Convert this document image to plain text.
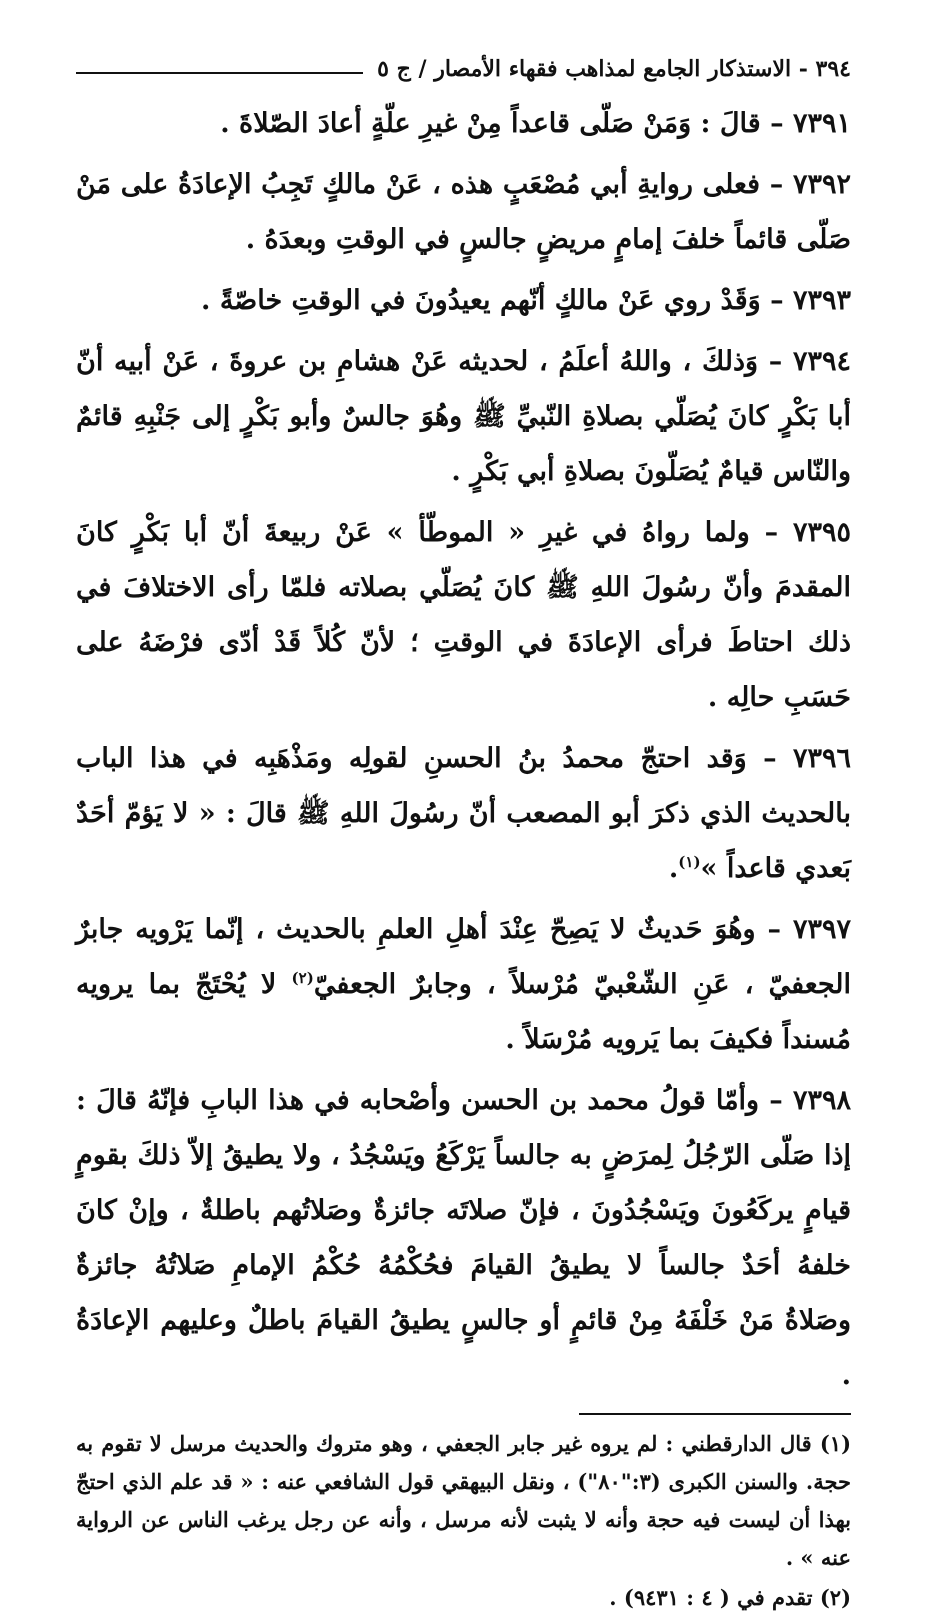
٣٩٤ - الاستذكار الجامع لمذاهب فقهاء الأمصار / ج ٥

٧٣٩١ – قالَ : وَمَنْ صَلّى قاعداً مِنْ غيرِ علّةٍ أعادَ الصّلاةَ .

٧٣٩٢ – فعلى روايةِ أبي مُصْعَبٍ هذه ، عَنْ مالكٍ تَجِبُ الإعادَةُ على مَنْ صَلّى قائماً خلفَ إمامٍ مريضٍ جالسٍ في الوقتِ وبعدَهُ .

٧٣٩٣ – وَقَدْ روي عَنْ مالكٍ أنّهم يعيدُونَ في الوقتِ خاصّةً .

٧٣٩٤ – وَذلكَ ، واللهُ أعلَمُ ، لحديثه عَنْ هشامِ بن عروةَ ، عَنْ أبيه أنّ أبا بَكْرٍ كانَ يُصَلّي بصلاةِ النّبيِّ ﷺ وهُوَ جالسٌ وأبو بَكْرٍ إلى جَنْبِهِ قائمٌ والنّاس قيامٌ يُصَلّونَ بصلاةِ أبي بَكْرٍ .

٧٣٩٥ – ولما رواهُ في غيرِ « الموطّأ » عَنْ ربيعةَ أنّ أبا بَكْرٍ كانَ المقدمَ وأنّ رسُولَ اللهِ ﷺ كانَ يُصَلّي بصلاته فلمّا رأى الاختلافَ في ذلك احتاطَ فرأى الإعادَةَ في الوقتِ ؛ لأنّ كُلاً قَدْ أدّى فرْضَهُ على حَسَبِ حالِه .

٧٣٩٦ – وَقد احتجّ محمدُ بنُ الحسنِ لقولِه ومَذْهَبِه في هذا الباب بالحديث الذي ذكرَ أبو المصعب أنّ رسُولَ اللهِ ﷺ قالَ : « لا يَؤمّ أحَدٌ بَعدي قاعداً »$^{(١)}$.

٧٣٩٧ – وهُوَ حَديثٌ لا يَصِحّ عِنْدَ أهلِ العلمِ بالحديث ، إنّما يَرْويه جابرٌ الجعفيّ ، عَنِ الشّعْبيّ مُرْسلاً ، وجابرٌ الجعفيّ$^{(٢)}$ لا يُحْتَجّ بما يرويه مُسنداً فكيفَ بما يَرويه مُرْسَلاً .

٧٣٩٨ – وأمّا قولُ محمد بن الحسن وأصْحابه في هذا البابِ فإنّهُ قالَ : إذا صَلّى الرّجُلُ لِمرَضٍ به جالساً يَرْكَعُ ويَسْجُدُ ، ولا يطيقُ إلاّ ذلكَ بقومٍ قيامٍ يركَعُونَ ويَسْجُدُونَ ، فإنّ صلاتَه جائزةٌ وصَلاتُهم باطلةٌ ، وإنْ كانَ خلفهُ أحَدٌ جالساً لا يطيقُ القيامَ فحُكْمُهُ حُكْمُ الإمامِ صَلاتُهُ جائزةٌ وصَلاةُ مَنْ خَلْفَهُ مِنْ قائمٍ أو جالسٍ يطيقُ القيامَ باطلٌ وعليهم الإعادَةُ .

(١) قال الدارقطني : لم يروه غير جابر الجعفي ، وهو متروك والحديث مرسل لا تقوم به حجة. والسنن الكبرى (٣:"٨٠") ، ونقل البيهقي قول الشافعي عنه : « قد علم الذي احتجّ بهذا أن ليست فيه حجة وأنه لا يثبت لأنه مرسل ، وأنه عن رجل يرغب الناس عن الرواية عنه » .

(٢) تقدم في ( ٤ : ٩٤٣١) .
